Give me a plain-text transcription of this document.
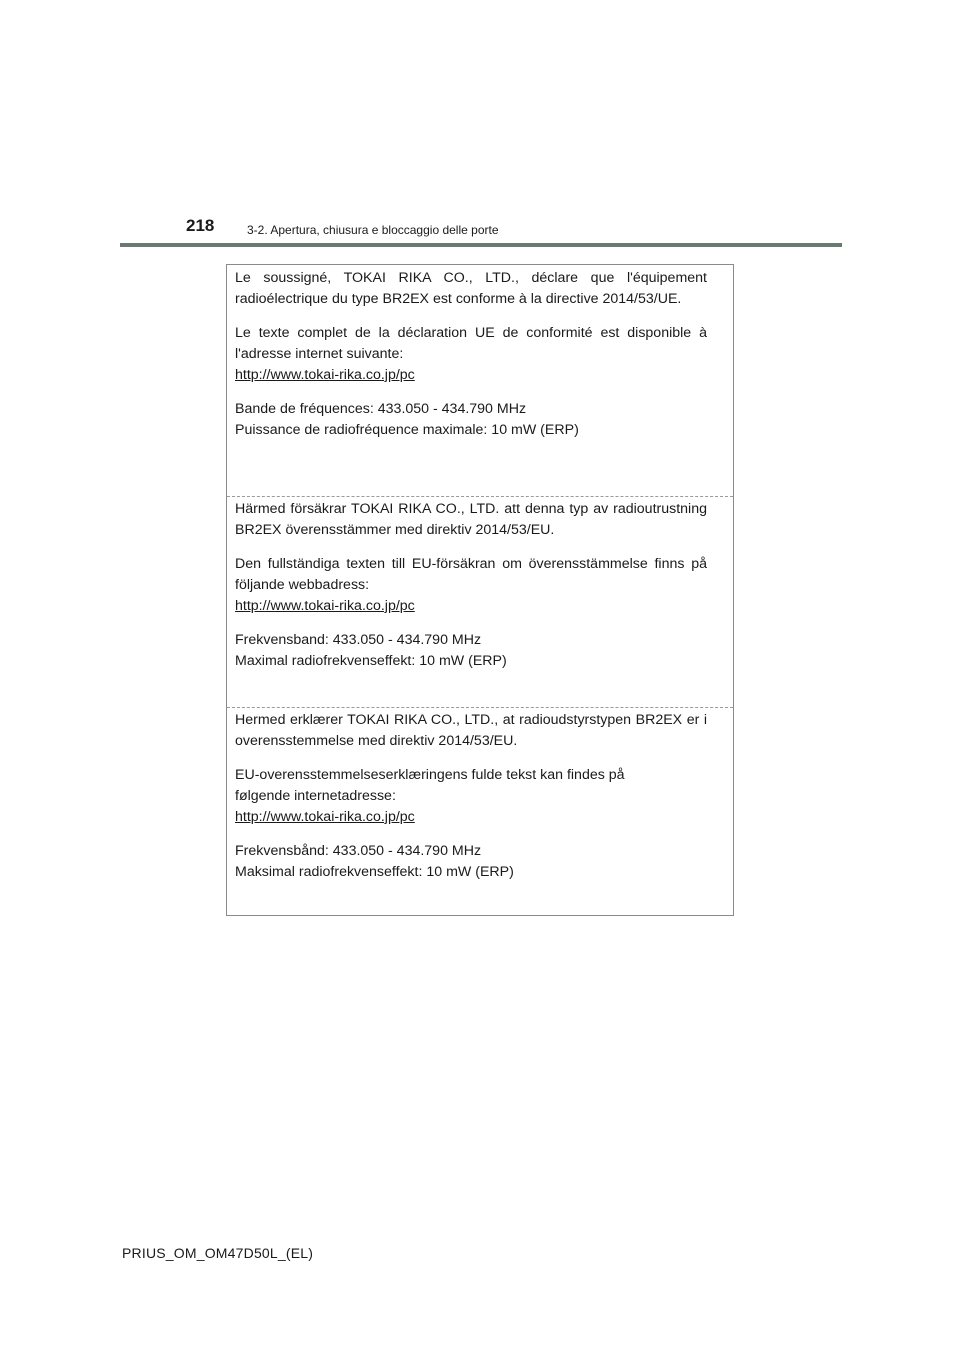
218	3-2. Apertura, chiusura e bloccaggio delle porte

Le soussigné, TOKAI RIKA CO., LTD., déclare que l'équipement radioélectrique du type BR2EX est conforme à la directive 2014/53/UE.

Le texte complet de la déclaration UE de conformité est disponible à l'adresse internet suivante:

http://www.tokai-rika.co.jp/pc

Bande de fréquences: 433.050 - 434.790 MHz

Puissance de radiofréquence maximale: 10 mW (ERP)

Härmed försäkrar TOKAI RIKA CO., LTD. att denna typ av radioutrustning BR2EX överensstämmer med direktiv 2014/53/EU.

Den fullständiga texten till EU-försäkran om överensstämmelse finns på följande webbadress:

http://www.tokai-rika.co.jp/pc

Frekvensband: 433.050 - 434.790 MHz

Maximal radiofrekvenseffekt: 10 mW (ERP)

Hermed erklærer TOKAI RIKA CO., LTD., at radioudstyrstypen BR2EX er i overensstemmelse med direktiv 2014/53/EU.

EU-overensstemmelseserklæringens fulde tekst kan findes på følgende internetadresse:

http://www.tokai-rika.co.jp/pc

Frekvensbånd: 433.050 - 434.790 MHz

Maksimal radiofrekvenseffekt: 10 mW (ERP)

PRIUS_OM_OM47D50L_(EL)
